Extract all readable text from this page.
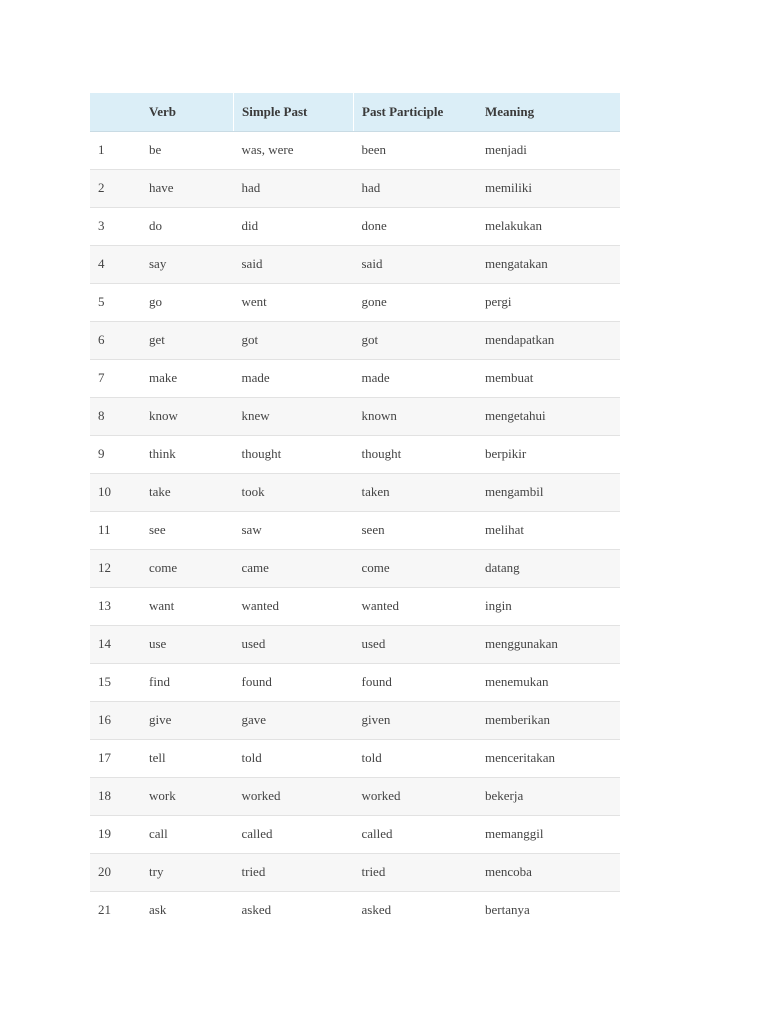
	Verb	Simple Past	Past Participle	Meaning
1	be	was, were	been	menjadi
2	have	had	had	memiliki
3	do	did	done	melakukan
4	say	said	said	mengatakan
5	go	went	gone	pergi
6	get	got	got	mendapatkan
7	make	made	made	membuat
8	know	knew	known	mengetahui
9	think	thought	thought	berpikir
10	take	took	taken	mengambil
11	see	saw	seen	melihat
12	come	came	come	datang
13	want	wanted	wanted	ingin
14	use	used	used	menggunakan
15	find	found	found	menemukan
16	give	gave	given	memberikan
17	tell	told	told	menceritakan
18	work	worked	worked	bekerja
19	call	called	called	memanggil
20	try	tried	tried	mencoba
21	ask	asked	asked	bertanya
